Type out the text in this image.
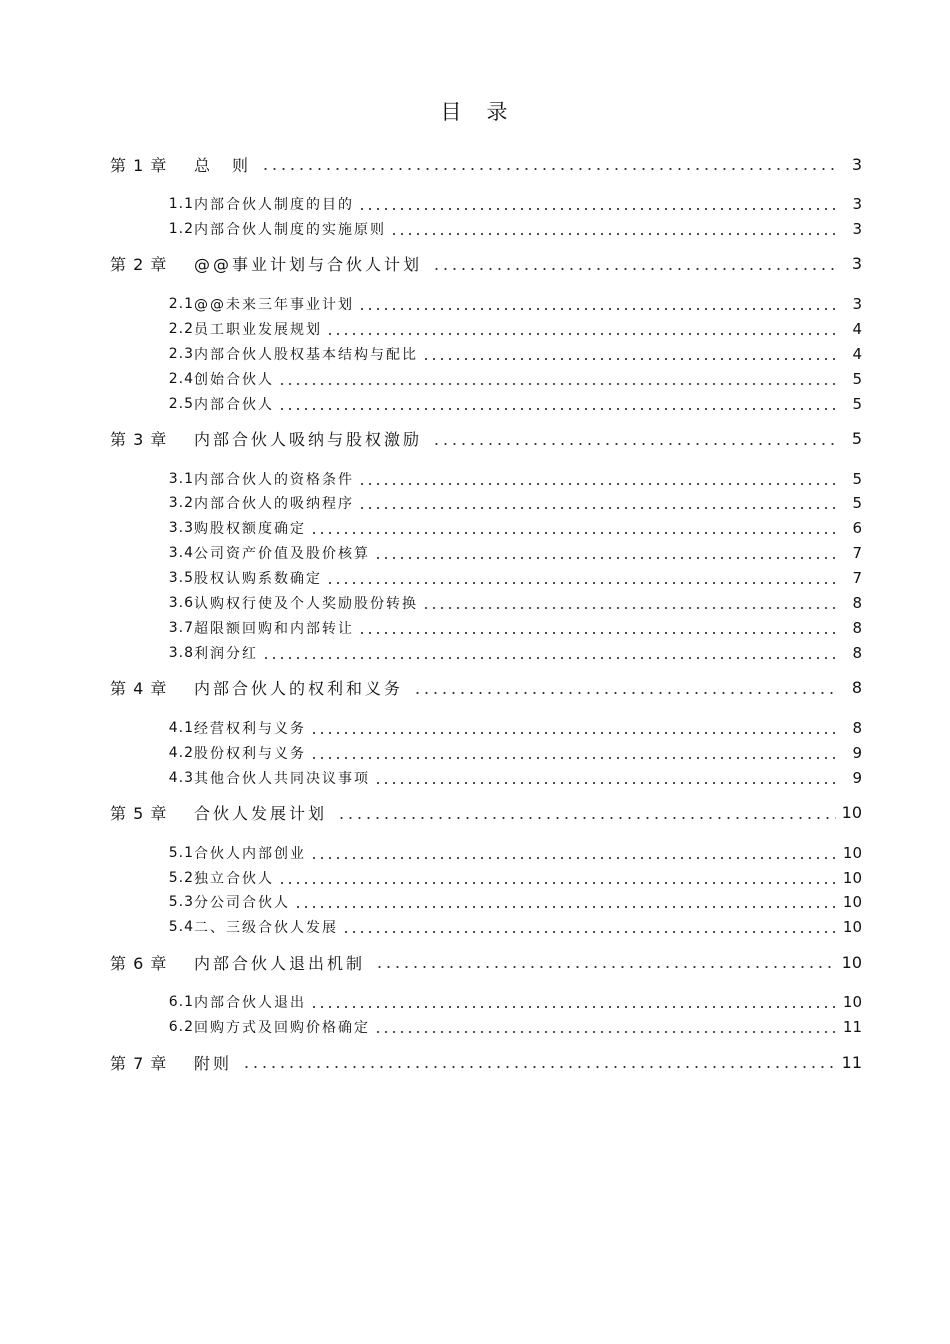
目　录
第 1 章	总　则	3
1.1 内部合伙人制度的目的	3
1.2 内部合伙人制度的实施原则	3
第 2 章	@@事业计划与合伙人计划	3
2.1 @@未来三年事业计划	3
2.2 员工职业发展规划	4
2.3 内部合伙人股权基本结构与配比	4
2.4 创始合伙人	5
2.5 内部合伙人	5
第 3 章	内部合伙人吸纳与股权激励	5
3.1 内部合伙人的资格条件	5
3.2 内部合伙人的吸纳程序	5
3.3 购股权额度确定	6
3.4 公司资产价值及股价核算	7
3.5 股权认购系数确定	7
3.6 认购权行使及个人奖励股份转换	8
3.7 超限额回购和内部转让	8
3.8 利润分红	8
第 4 章	内部合伙人的权利和义务	8
4.1 经营权利与义务	8
4.2 股份权利与义务	9
4.3 其他合伙人共同决议事项	9
第 5 章	合伙人发展计划	10
5.1 合伙人内部创业	10
5.2 独立合伙人	10
5.3 分公司合伙人	10
5.4 二、三级合伙人发展	10
第 6 章	内部合伙人退出机制	10
6.1 内部合伙人退出	10
6.2 回购方式及回购价格确定	11
第 7 章	附则	11
